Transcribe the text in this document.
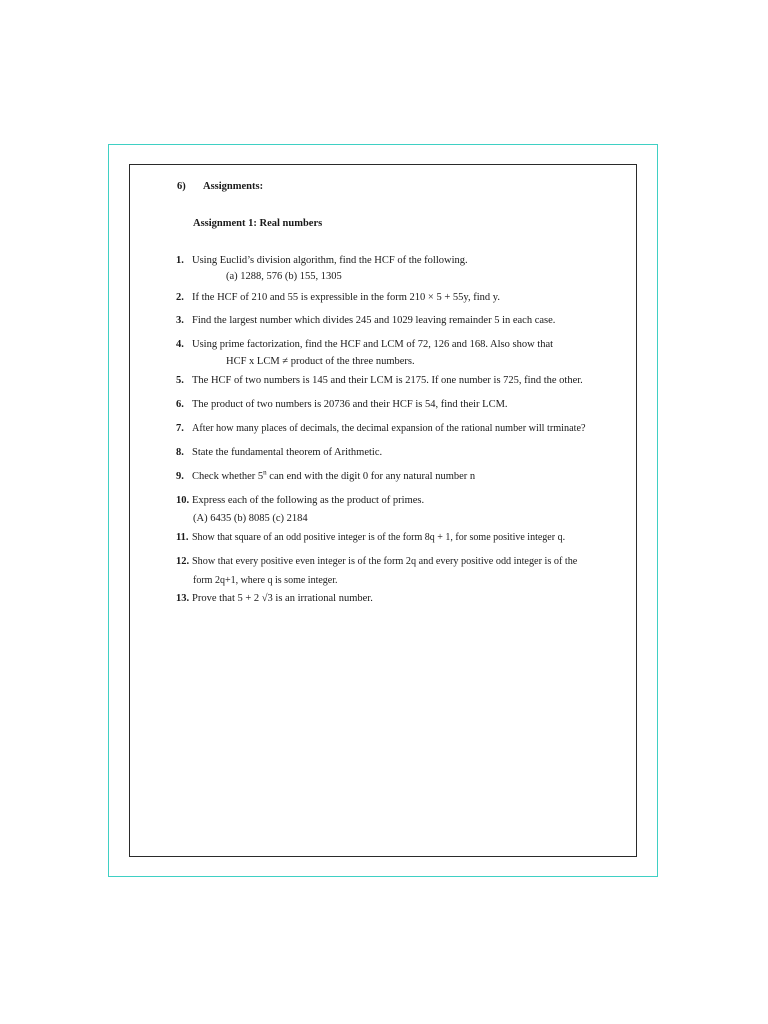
6) Assignments:
Assignment 1: Real numbers
1. Using Euclid’s division algorithm, find the HCF of the following.
(a) 1288, 576 (b) 155, 1305
2. If the HCF of 210 and 55 is expressible in the form 210 × 5 + 55y, find y.
3. Find the largest number which divides 245 and 1029 leaving remainder 5 in each case.
4. Using prime factorization, find the HCF and LCM of 72, 126 and 168. Also show that
HCF x LCM ≠ product of the three numbers.
5. The HCF of two numbers is 145 and their LCM is 2175. If one number is 725, find the other.
6. The product of two numbers is 20736 and their HCF is 54, find their LCM.
7. After how many places of decimals, the decimal expansion of the rational number will trminate?
8. State the fundamental theorem of Arithmetic.
9. Check whether 5$^n$ can end with the digit 0 for any natural number n
10. Express each of the following as the product of primes.
(A) 6435 (b) 8085 (c) 2184
11. Show that square of an odd positive integer is of the form 8q + 1, for some positive integer q.
12. Show that every positive even integer is of the form 2q and every positive odd integer is of the
form 2q+1, where q is some integer.
13. Prove that 5 + 2 √3 is an irrational number.
